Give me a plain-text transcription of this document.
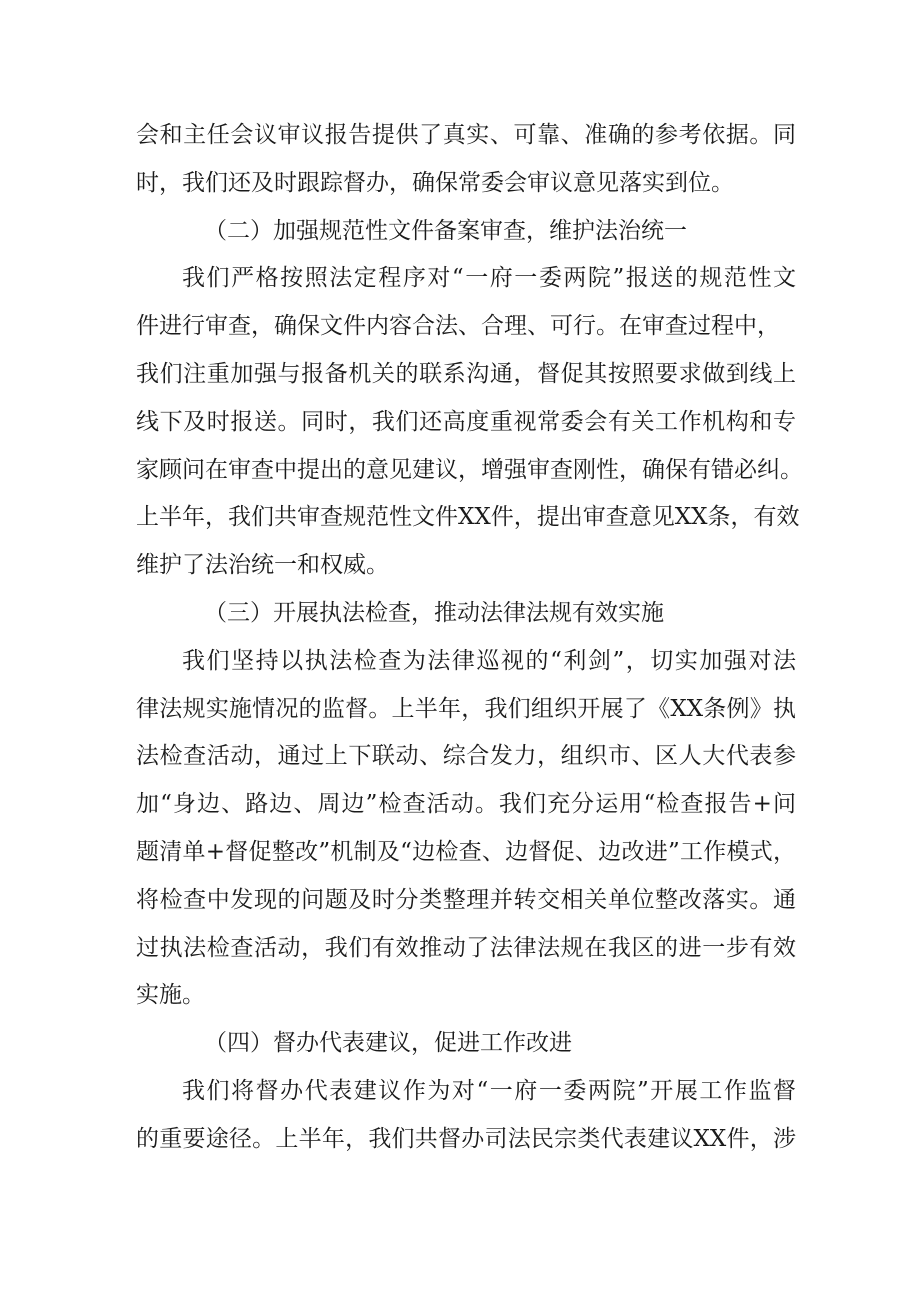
会和主任会议审议报告提供了真实、可靠、准确的参考依据。同
时，我们还及时跟踪督办，确保常委会审议意见落实到位。
（二）加强规范性文件备案审查，维护法治统一
我们严格按照法定程序对“一府一委两院”报送的规范性文
件进行审查，确保文件内容合法、合理、可行。在审查过程中，
我们注重加强与报备机关的联系沟通，督促其按照要求做到线上
线下及时报送。同时，我们还高度重视常委会有关工作机构和专
家顾问在审查中提出的意见建议，增强审查刚性，确保有错必纠。
上半年，我们共审查规范性文件XX件，提出审查意见XX条，有效
维护了法治统一和权威。
（三）开展执法检查，推动法律法规有效实施
我们坚持以执法检查为法律巡视的“利剑”，切实加强对法
律法规实施情况的监督。上半年，我们组织开展了《XX条例》执
法检查活动，通过上下联动、综合发力，组织市、区人大代表参
加“身边、路边、周边”检查活动。我们充分运用“检查报告+问
题清单+督促整改”机制及“边检查、边督促、边改进”工作模式，
将检查中发现的问题及时分类整理并转交相关单位整改落实。通
过执法检查活动，我们有效推动了法律法规在我区的进一步有效
实施。
（四）督办代表建议，促进工作改进
我们将督办代表建议作为对“一府一委两院”开展工作监督
的重要途径。上半年，我们共督办司法民宗类代表建议XX件，涉
